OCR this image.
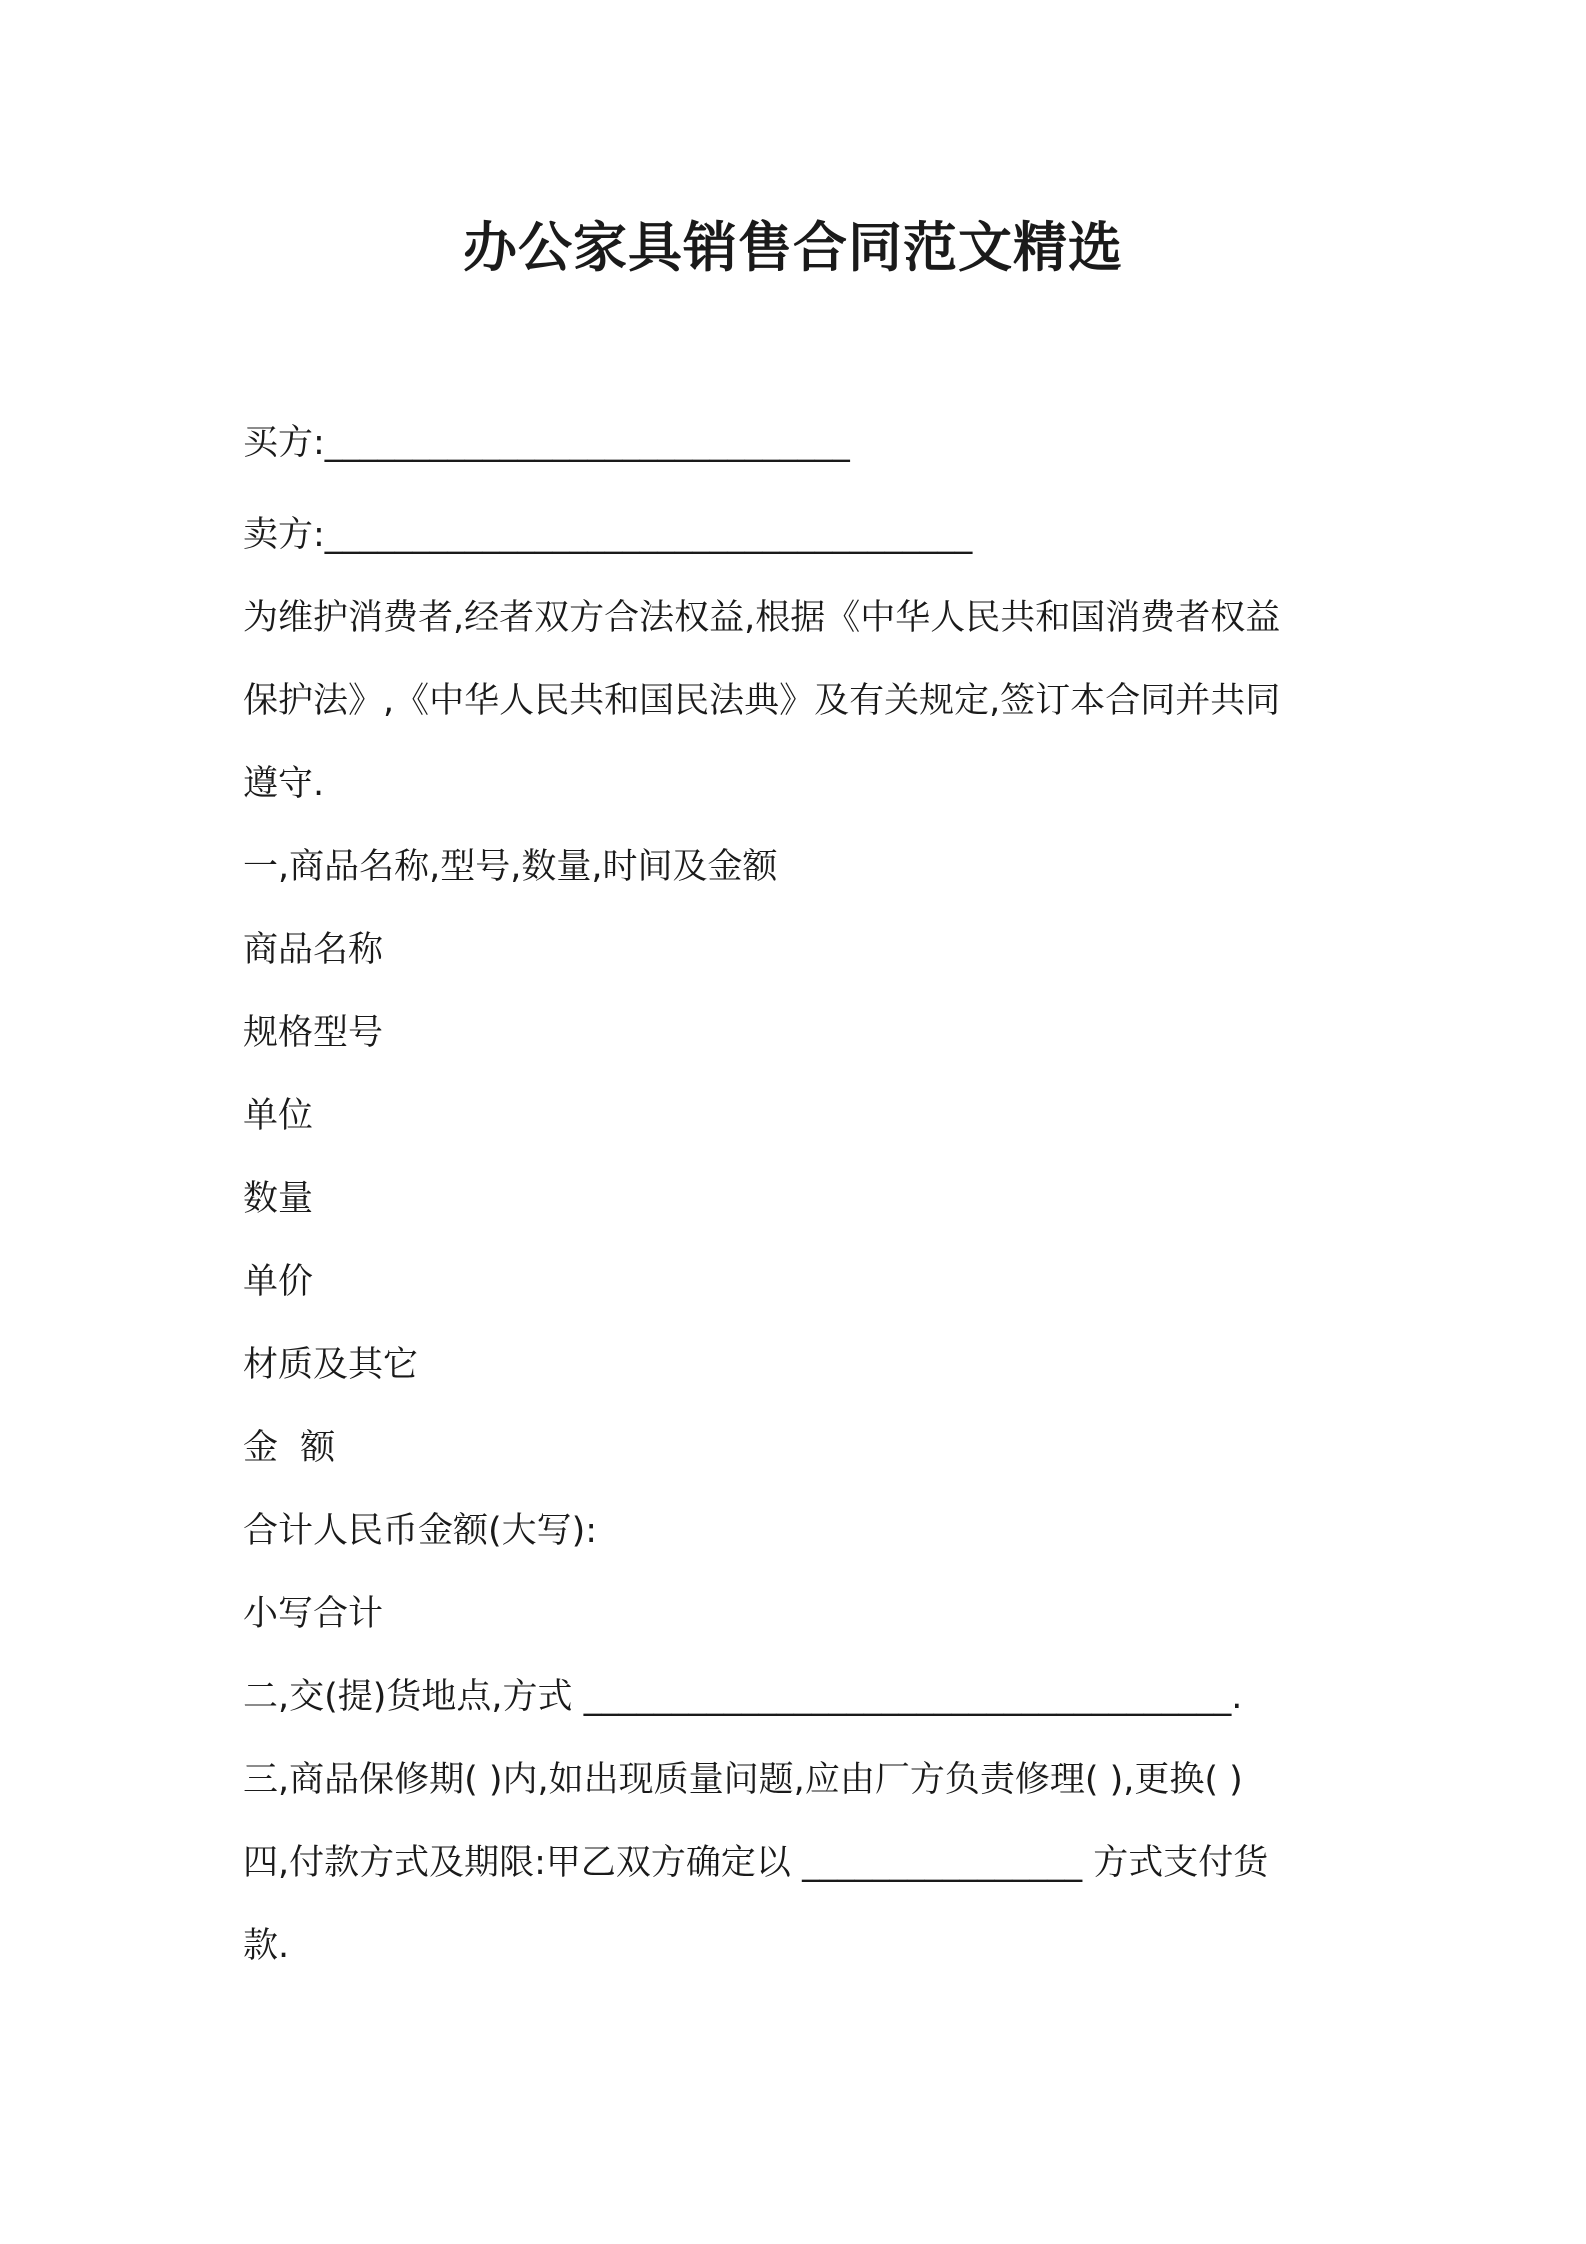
办公家具销售合同范文精选
买方:______________________________
卖方:_____________________________________
为维护消费者,经者双方合法权益,根据《中华人民共和国消费者权益
保护法》,《中华人民共和国民法典》及有关规定,签订本合同并共同
遵守.
一,商品名称,型号,数量,时间及金额
商品名称
规格型号
单位
数量
单价
材质及其它
金  额
合计人民币金额(大写):
小写合计
二,交(提)货地点,方式 _____________________________________.
三,商品保修期( )内,如出现质量问题,应由厂方负责修理( ),更换( )
四,付款方式及期限:甲乙双方确定以 ________________ 方式支付货
款.
